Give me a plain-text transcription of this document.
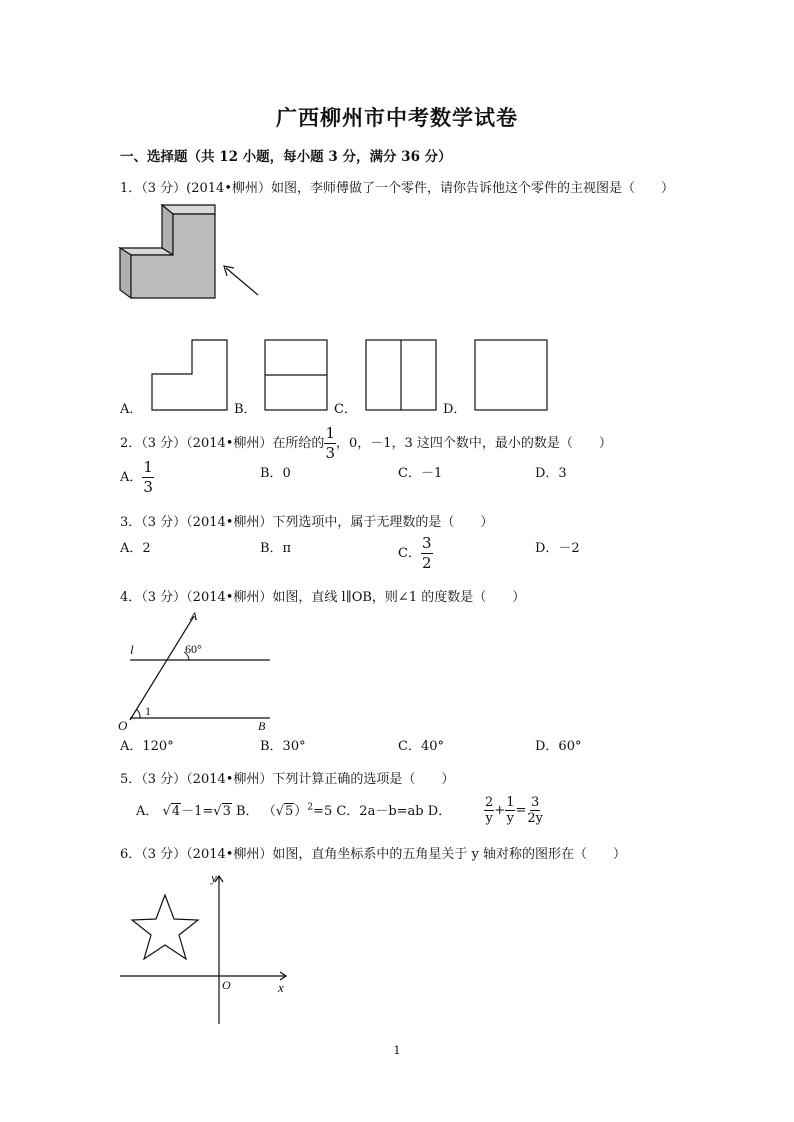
广西柳州市中考数学试卷
一、选择题（共 12 小题，每小题 3 分，满分 36 分）
1．（3 分）(2014•柳州）如图，李师傅做了一个零件，请你告诉他这个零件的主视图是（　　）
A．	B．	C．	D．
2．（3 分）（2014•柳州）在所给的 $\frac{1}{3}$ ，0，－1，3 这四个数中，最小的数是（　　）
A． $\frac{1}{3}$	B．0	C．－1	D．3
3．（3 分）（2014•柳州）下列选项中，属于无理数的是（　　）
A．2	B．π	C． $\frac{3}{2}$	D．－2
4．（3 分）（2014•柳州）如图，直线 l∥OB，则∠1 的度数是（　　）
A
l	60°
O
1
B
A．120°	B．30°	C．40°	D．60°
5．（3 分）（2014•柳州）下列计算正确的选项是（　　）
A． √4－1=√3 B． $(√5)^2=5$ C．2a－b=ab D．	$\frac{2}{y} + \frac{1}{y} = \frac{3}{2y}$
6．（3 分）（2014•柳州）如图，直角坐标系中的五角星关于 y 轴对称的图形在（　　）
y
x
O
1
